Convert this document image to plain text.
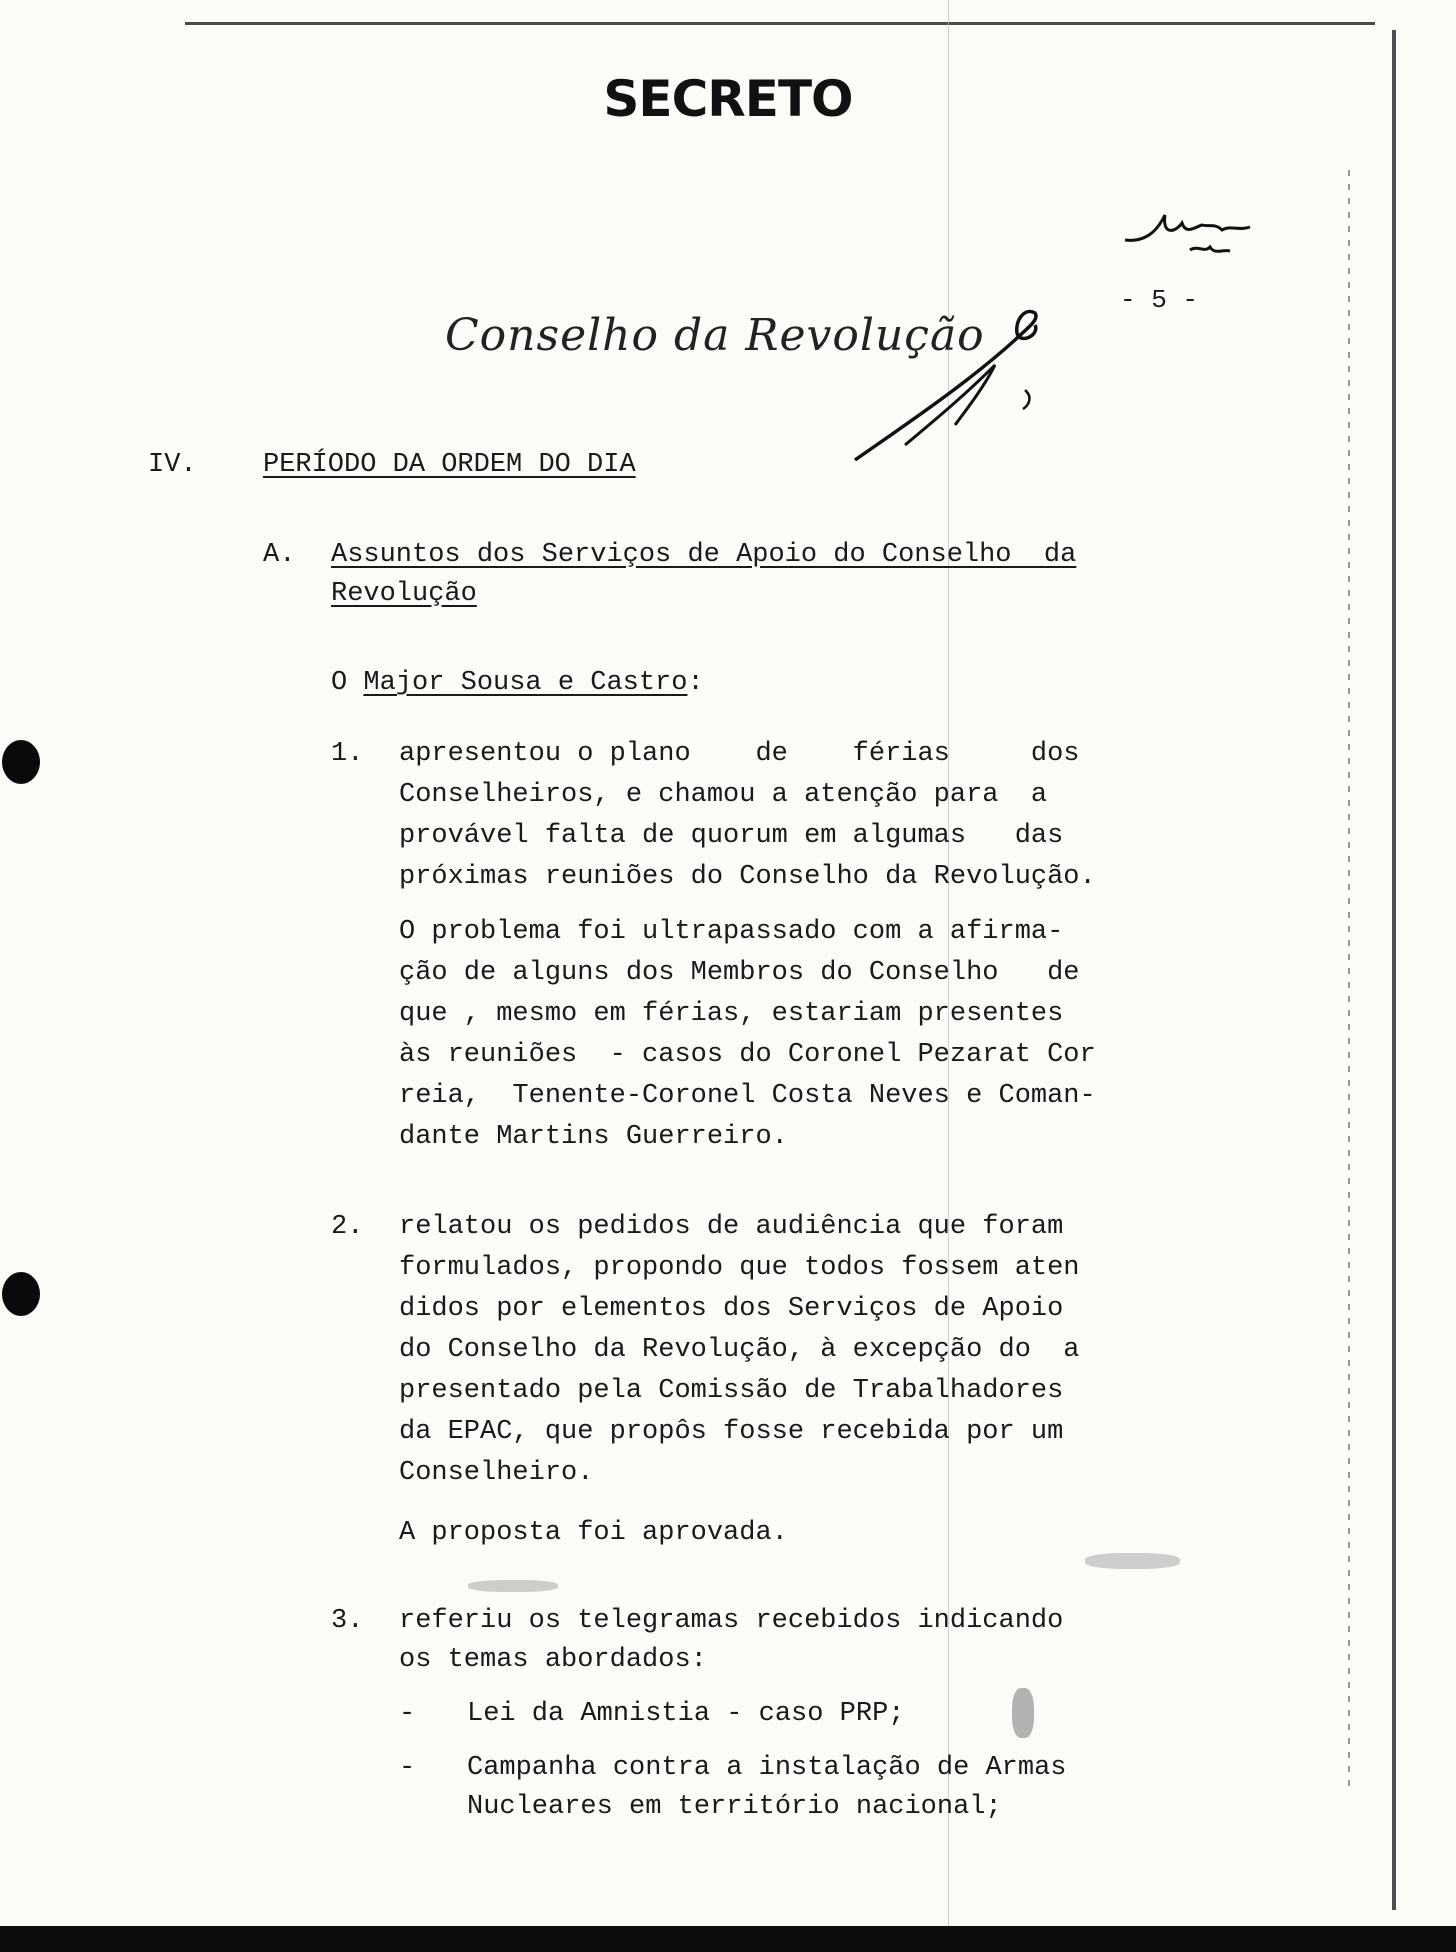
SECRETO
- 5 -
Conselho da Revolução
IV. PERÍODO DA ORDEM DO DIA
A. Assuntos dos Serviços de Apoio do Conselho  da
Revolução
O Major Sousa e Castro:
1. apresentou o plano    de    férias     dos
Conselheiros, e chamou a atenção para  a
provável falta de quorum em algumas   das
próximas reuniões do Conselho da Revolução.
O problema foi ultrapassado com a afirma-
ção de alguns dos Membros do Conselho   de
que , mesmo em férias, estariam presentes
às reuniões  - casos do Coronel Pezarat Cor
reia,  Tenente-Coronel Costa Neves e Coman-
dante Martins Guerreiro.
2. relatou os pedidos de audiência que foram
formulados, propondo que todos fossem aten
didos por elementos dos Serviços de Apoio
do Conselho da Revolução, à excepção do  a
presentado pela Comissão de Trabalhadores
da EPAC, que propôs fosse recebida por um
Conselheiro.
A proposta foi aprovada.
3. referiu os telegramas recebidos indicando
os temas abordados:
- Lei da Amnistia - caso PRP;
- Campanha contra a instalação de Armas
Nucleares em território nacional;
